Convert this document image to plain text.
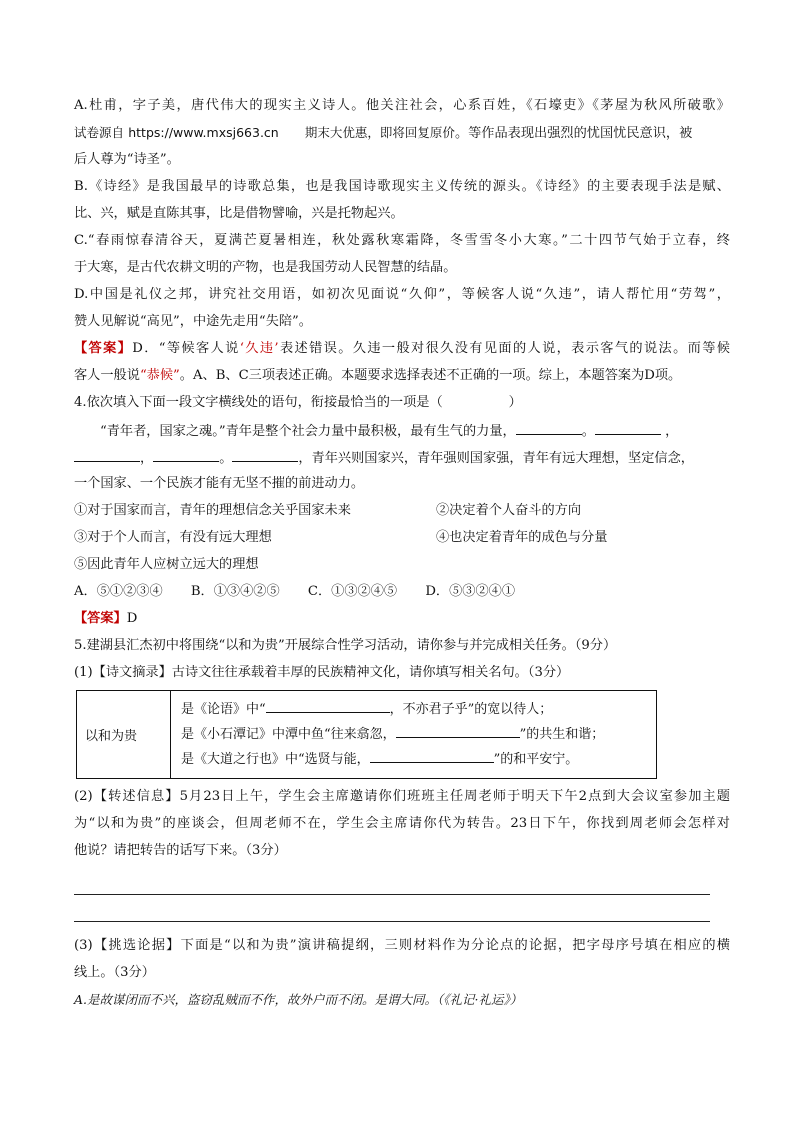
A.杜甫，字子美，唐代伟大的现实主义诗人。他关注社会，心系百姓，《石壕吏》《茅屋为秋风所破歌》
试卷源自 https://www.mxsj663.cn 期末大优惠，即将回复原价。等作品表现出强烈的忧国忧民意识，被
后人尊为“诗圣”。
B.《诗经》是我国最早的诗歌总集，也是我国诗歌现实主义传统的源头。《诗经》的主要表现手法是赋、
比、兴，赋是直陈其事，比是借物譬喻，兴是托物起兴。
C.“春雨惊春清谷天，夏满芒夏暑相连，秋处露秋寒霜降，冬雪雪冬小大寒。”二十四节气始于立春，终
于大寒，是古代农耕文明的产物，也是我国劳动人民智慧的结晶。
D.中国是礼仪之邦，讲究社交用语，如初次见面说“久仰”，等候客人说“久违”，请人帮忙用“劳驾”，
赞人见解说“高见”，中途先走用“失陪”。
【答案】D．“等候客人说‘久违’表述错误。久违一般对很久没有见面的人说，表示客气的说法。而等候
客人一般说“恭候”。A、B、C三项表述正确。本题要求选择表述不正确的一项。综上，本题答案为D项。
4.依次填入下面一段文字横线处的语句，衔接最恰当的一项是（　　　　　）
“青年者，国家之魂。”青年是整个社会力量中最积极，最有生气的力量，	。	，
，	。	，青年兴则国家兴，青年强则国家强，青年有远大理想，坚定信念，
一个国家、一个民族才能有无坚不摧的前进动力。
①对于国家而言，青年的理想信念关乎国家未来	②决定着个人奋斗的方向
③对于个人而言，有没有远大理想	④也决定着青年的成色与分量
⑤因此青年人应树立远大的理想
A．⑤①②③④ B．①③④②⑤ C．①③②④⑤ D．⑤③②④①
【答案】D
5.建湖县汇杰初中将围绕“以和为贵”开展综合性学习活动，请你参与并完成相关任务。（9分）
(1)【诗文摘录】古诗文往往承载着丰厚的民族精神文化，请你填写相关名句。（3分）
以和为贵	
是《论语》中“	，不亦君子乎”的宽以待人；
是《小石潭记》中潭中鱼“往来翕忽，	”的共生和谐；
是《大道之行也》中“选贤与能，	”的和平安宁。
(2)【转述信息】5月23日上午，学生会主席邀请你们班班主任周老师于明天下午2点到大会议室参加主题
为“以和为贵”的座谈会，但周老师不在，学生会主席请你代为转告。23日下午，你找到周老师会怎样对
他说？请把转告的话写下来。（3分）
(3)【挑选论据】下面是“以和为贵”演讲稿提纲，三则材料作为分论点的论据，把字母序号填在相应的横
线上。（3分）
A.是故谋闭而不兴，盗窃乱贼而不作，故外户而不闭。是谓大同。（《礼记·礼运》）
